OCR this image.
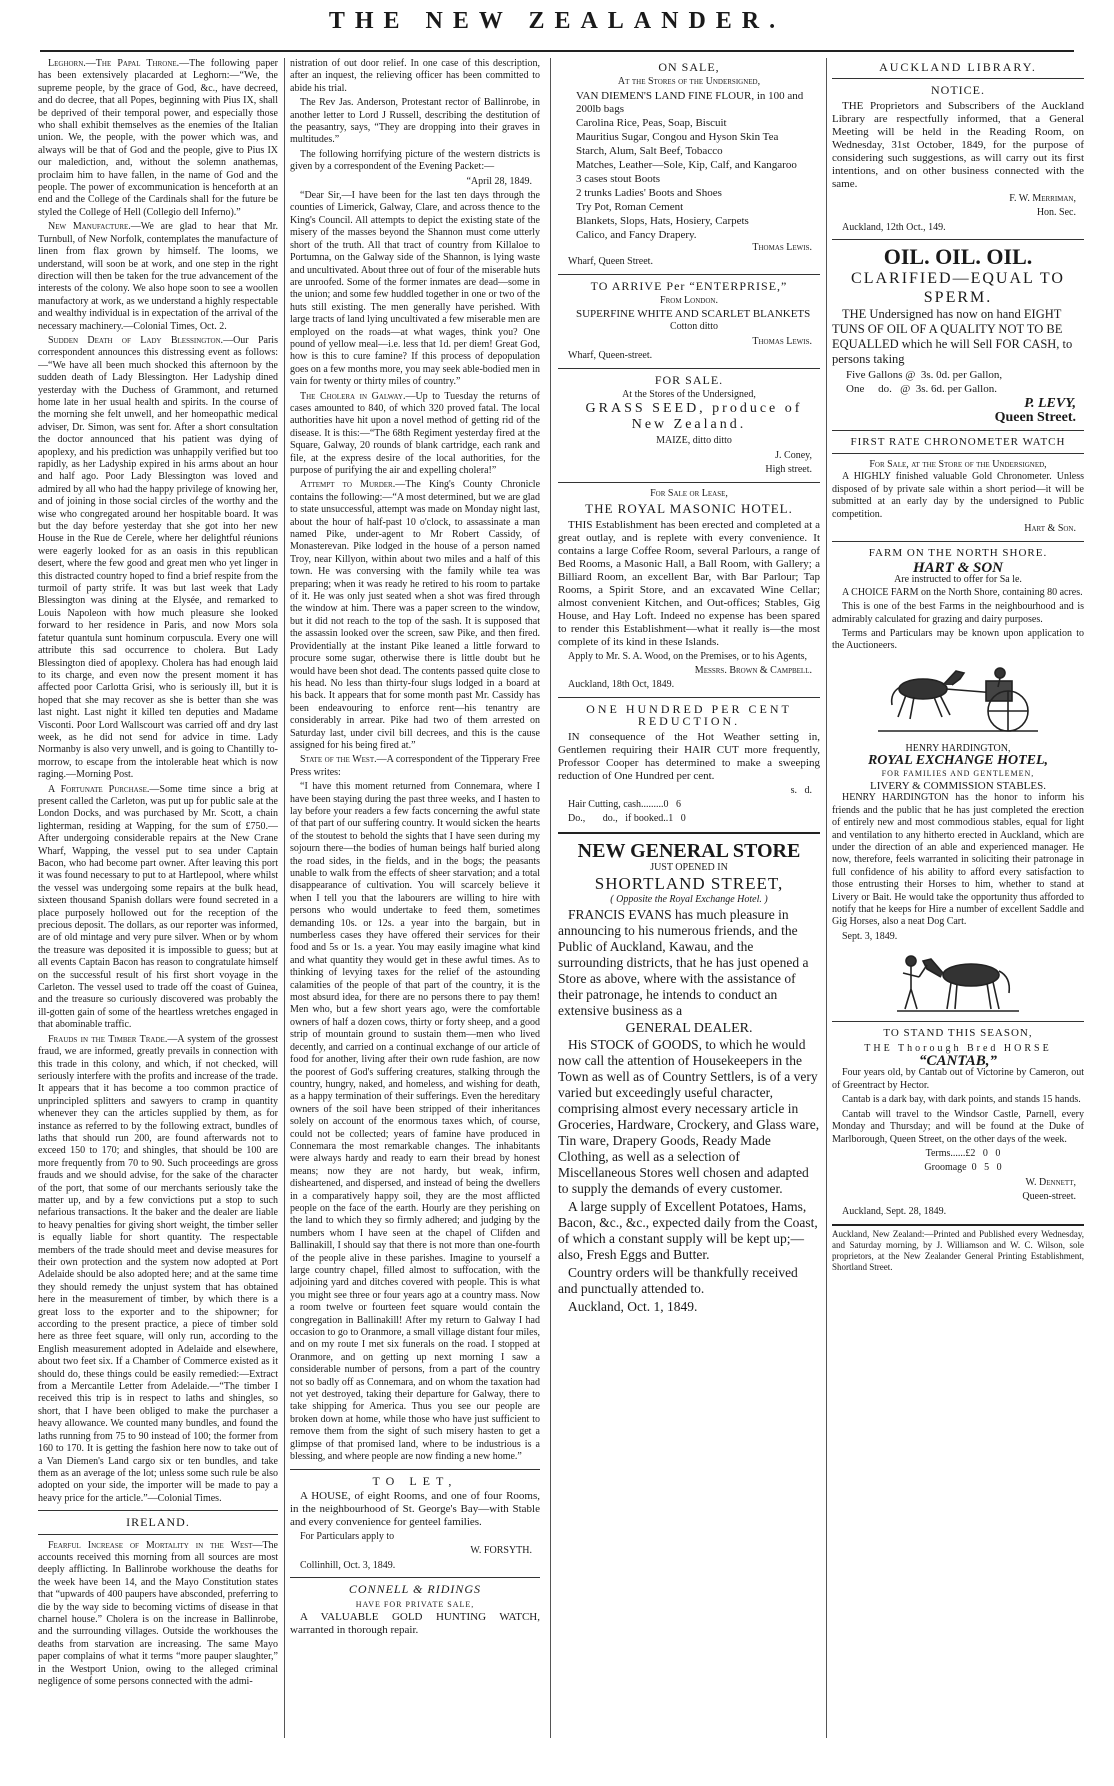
THE NEW ZEALANDER.

Leghorn.—The Papal Throne.—The following paper has been extensively placarded at Leghorn:—“We, the supreme people, by the grace of God, &c., have decreed, and do decree, that all Popes, beginning with Pius IX, shall be deprived of their temporal power, and especially those who shall exhibit themselves as the enemies of the Italian union. We, the people, with the power which was, and always will be that of God and the people, give to Pius IX our malediction, and, without the solemn anathemas, proclaim him to have fallen, in the name of God and the people. The power of excommunication is henceforth at an end and the College of the Cardinals shall for the future be styled the College of Hell (Collegio dell Inferno).”

New Manufacture.—We are glad to hear that Mr. Turnbull, of New Norfolk, contemplates the manufacture of linen from flax grown by himself. The looms, we understand, will soon be at work, and one step in the right direction will then be taken for the true advancement of the interests of the colony. We also hope soon to see a woollen manufactory at work, as we understand a highly respectable and wealthy individual is in expectation of the arrival of the necessary machinery.—Colonial Times, Oct. 2.

Sudden Death of Lady Blessington.—Our Paris correspondent announces this distressing event as follows:—“We have all been much shocked this afternoon by the sudden death of Lady Blessington. Her Ladyship dined yesterday with the Duchess of Grammont, and returned home late in her usual health and spirits. In the course of the morning she felt unwell, and her homeopathic medical adviser, Dr. Simon, was sent for. After a short consultation the doctor announced that his patient was dying of apoplexy, and his prediction was unhappily verified but too rapidly, as her Ladyship expired in his arms about an hour and half ago. Poor Lady Blessington was loved and admired by all who had the happy privilege of knowing her, and of joining in those social circles of the worthy and the wise who congregated around her hospitable board. It was but the day before yesterday that she got into her new House in the Rue de Cerele, where her delightful réunions were eagerly looked for as an oasis in this republican desert, where the few good and great men who yet linger in this distracted country hoped to find a brief respite from the turmoil of party strife. It was but last week that Lady Blessington was dining at the Elysée, and remarked to Louis Napoleon with how much pleasure she looked forward to her residence in Paris, and now Mors sola fatetur quantula sunt hominum corpuscula. Every one will attribute this sad occurrence to cholera. But Lady Blessington died of apoplexy. Cholera has had enough laid to its charge, and even now the present moment it has affected poor Carlotta Grisi, who is seriously ill, but it is hoped that she may recover as she is better than she was last night. Last night it killed ten deputies and Madame Visconti. Poor Lord Wallscourt was carried off and dry last week, as he did not send for advice in time. Lady Normanby is also very unwell, and is going to Chantilly to-morrow, to escape from the intolerable heat which is now raging.—Morning Post.

A Fortunate Purchase.—Some time since a brig at present called the Carleton, was put up for public sale at the London Docks, and was purchased by Mr. Scott, a chain lighterman, residing at Wapping, for the sum of £750.—After undergoing considerable repairs at the New Crane Wharf, Wapping, the vessel put to sea under Captain Bacon, who had become part owner. After leaving this port it was found necessary to put to at Hartlepool, where whilst the vessel was undergoing some repairs at the bulk head, sixteen thousand Spanish dollars were found secreted in a place purposely hollowed out for the reception of the precious deposit. The dollars, as our reporter was informed, are of old mintage and very pure silver. When or by whom the treasure was deposited it is impossible to guess; but at all events Captain Bacon has reason to congratulate himself on the successful result of his first short voyage in the Carleton. The vessel used to trade off the coast of Guinea, and the treasure so curiously discovered was probably the ill-gotten gain of some of the heartless wretches engaged in that abominable traffic.

Frauds in the Timber Trade.—A system of the grossest fraud, we are informed, greatly prevails in connection with this trade in this colony, and which, if not checked, will seriously interfere with the profits and increase of the trade. It appears that it has become a too common practice of unprincipled splitters and sawyers to cramp in quantity whenever they can the articles supplied by them, as for instance as referred to by the following extract, bundles of laths that should run 200, are found afterwards not to exceed 150 to 170; and shingles, that should be 100 are more frequently from 70 to 90. Such proceedings are gross frauds and we should advise, for the sake of the character of the port, that some of our merchants seriously take the matter up, and by a few convictions put a stop to such nefarious transactions. It the baker and the dealer are liable to heavy penalties for giving short weight, the timber seller is equally liable for short quantity. The respectable members of the trade should meet and devise measures for their own protection and the system now adopted at Port Adelaide should be also adopted here; and at the same time they should remedy the unjust system that has obtained here in the measurement of timber, by which there is a great loss to the exporter and to the shipowner; for according to the present practice, a piece of timber sold here as three feet square, will only run, according to the English measurement adopted in Adelaide and elsewhere, about two feet six. If a Chamber of Commerce existed as it should do, these things could be easily remedied:—Extract from a Mercantile Letter from Adelaide.—“The timber I received this trip is in respect to laths and shingles, so short, that I have been obliged to make the purchaser a heavy allowance. We counted many bundles, and found the laths running from 75 to 90 instead of 100; the former from 160 to 170. It is getting the fashion here now to take out of a Van Diemen's Land cargo six or ten bundles, and take them as an average of the lot; unless some such rule be also adopted on your side, the importer will be made to pay a heavy price for the article.”—Colonial Times.

IRELAND.

Fearful Increase of Mortality in the West—The accounts received this morning from all sources are most deeply afflicting. In Ballinrobe workhouse the deaths for the week have been 14, and the Mayo Constitution states that “upwards of 400 paupers have absconded, preferring to die by the way side to becoming victims of disease in that charnel house.” Cholera is on the increase in Ballinrobe, and the surrounding villages. Outside the workhouses the deaths from starvation are increasing. The same Mayo paper complains of what it terms “more pauper slaughter,” in the Westport Union, owing to the alleged criminal negligence of some persons connected with the admi-

nistration of out door relief. In one case of this description, after an inquest, the relieving officer has been committed to abide his trial.

The Rev Jas. Anderson, Protestant rector of Ballinrobe, in another letter to Lord J Russell, describing the destitution of the peasantry, says, “They are dropping into their graves in multitudes.”

The following horrifying picture of the western districts is given by a correspondent of the Evening Packet:—

“April 28, 1849.

“Dear Sir,—I have been for the last ten days through the counties of Limerick, Galway, Clare, and across thence to the King's Council. All attempts to depict the existing state of the misery of the masses beyond the Shannon must come utterly short of the truth. All that tract of country from Killaloe to Portumna, on the Galway side of the Shannon, is lying waste and uncultivated. About three out of four of the miserable huts are unroofed. Some of the former inmates are dead—some in the union; and some few huddled together in one or two of the huts still existing. The men generally have perished. With large tracts of land lying uncultivated a few miserable men are employed on the roads—at what wages, think you? One pound of yellow meal—i.e. less that 1d. per diem! Great God, how is this to cure famine? If this process of depopulation goes on a few months more, you may seek able-bodied men in vain for twenty or thirty miles of country.”

The Cholera in Galway.—Up to Tuesday the returns of cases amounted to 840, of which 320 proved fatal. The local authorities have hit upon a novel method of getting rid of the disease. It is this:—“The 68th Regiment yesterday fired at the Square, Galway, 20 rounds of blank cartridge, each rank and file, at the express desire of the local authorities, for the purpose of purifying the air and expelling cholera!”

Attempt to Murder.—The King's County Chronicle contains the following:—“A most determined, but we are glad to state unsuccessful, attempt was made on Monday night last, about the hour of half-past 10 o'clock, to assassinate a man named Pike, under-agent to Mr Robert Cassidy, of Monasterevan. Pike lodged in the house of a person named Troy, near Killyon, within about two miles and a half of this town. He was conversing with the family while tea was preparing; when it was ready he retired to his room to partake of it. He was only just seated when a shot was fired through the window at him. There was a paper screen to the window, but it did not reach to the top of the sash. It is supposed that the assassin looked over the screen, saw Pike, and then fired. Providentially at the instant Pike leaned a little forward to procure some sugar, otherwise there is little doubt but he would have been shot dead. The contents passed quite close to his head. No less than thirty-four slugs lodged in a board at his back. It appears that for some month past Mr. Cassidy has been endeavouring to enforce rent—his tenantry are considerably in arrear. Pike had two of them arrested on Saturday last, under civil bill decrees, and this is the cause assigned for his being fired at.”

State of the West.—A correspondent of the Tipperary Free Press writes:

“I have this moment returned from Connemara, where I have been staying during the past three weeks, and I hasten to lay before your readers a few facts concerning the awful state of that part of our suffering country. It would sicken the hearts of the stoutest to behold the sights that I have seen during my sojourn there—the bodies of human beings half buried along the road sides, in the fields, and in the bogs; the peasants unable to walk from the effects of sheer starvation; and a total disappearance of cultivation. You will scarcely believe it when I tell you that the labourers are willing to hire with persons who would undertake to feed them, sometimes demanding 10s. or 12s. a year into the bargain, but in numberless cases they have offered their services for their food and 5s or 1s. a year. You may easily imagine what kind and what quantity they would get in these awful times. As to thinking of levying taxes for the relief of the astounding calamities of the people of that part of the country, it is the most absurd idea, for there are no persons there to pay them! Men who, but a few short years ago, were the comfortable owners of half a dozen cows, thirty or forty sheep, and a good strip of mountain ground to sustain them—men who lived decently, and carried on a continual exchange of our article of food for another, living after their own rude fashion, are now the poorest of God's suffering creatures, stalking through the country, hungry, naked, and homeless, and wishing for death, as a happy termination of their sufferings. Even the hereditary owners of the soil have been stripped of their inheritances solely on account of the enormous taxes which, of course, could not be collected; years of famine have produced in Connemara the most remarkable changes. The inhabitants were always hardy and ready to earn their bread by honest means; now they are not hardy, but weak, infirm, disheartened, and dispersed, and instead of being the dwellers in a comparatively happy soil, they are the most afflicted people on the face of the earth. Hourly are they perishing on the land to which they so firmly adhered; and judging by the numbers whom I have seen at the chapel of Clifden and Ballinakill, I should say that there is not more than one-fourth of the people alive in these parishes. Imagine to yourself a large country chapel, filled almost to suffocation, with the adjoining yard and ditches covered with people. This is what you might see three or four years ago at a country mass. Now a room twelve or fourteen feet square would contain the congregation in Ballinakill! After my return to Galway I had occasion to go to Oranmore, a small village distant four miles, and on my route I met six funerals on the road. I stopped at Oranmore, and on getting up next morning I saw a considerable number of persons, from a part of the country not so badly off as Connemara, and on whom the taxation had not yet destroyed, taking their departure for Galway, there to take shipping for America. Thus you see our people are broken down at home, while those who have just sufficient to remove them from the sight of such misery hasten to get a glimpse of that promised land, where to be industrious is a blessing, and where people are now finding a new home.”

TO LET,

A HOUSE, of eight Rooms, and one of four Rooms, in the neighbourhood of St. George's Bay—with Stable and every convenience for genteel families.

For Particulars apply to

W. FORSYTH.

Collinhill, Oct. 3, 1849.

CONNELL & RIDINGS
HAVE FOR PRIVATE SALE,

A VALUABLE GOLD HUNTING WATCH, warranted in thorough repair.

ON SALE,
At the Stores of the Undersigned,

VAN DIEMEN'S LAND FINE FLOUR, in 100 and 200lb bags

Carolina Rice, Peas, Soap, Biscuit

Mauritius Sugar, Congou and Hyson Skin Tea

Starch, Alum, Salt Beef, Tobacco

Matches, Leather—Sole, Kip, Calf, and Kangaroo

3 cases stout Boots

2 trunks Ladies' Boots and Shoes

Try Pot, Roman Cement

Blankets, Slops, Hats, Hosiery, Carpets

Calico, and Fancy Drapery.

Thomas Lewis.

Wharf, Queen Street.

TO ARRIVE Per “ENTERPRISE,”
From London.

SUPERFINE WHITE AND SCARLET BLANKETS

Cotton ditto

Thomas Lewis.

Wharf, Queen-street.

FOR SALE.
At the Stores of the Undersigned,

GRASS SEED, produce of New Zealand.

MAIZE, ditto ditto

J. Coney,

High street.

For Sale or Lease,
THE ROYAL MASONIC HOTEL.

THIS Establishment has been erected and completed at a great outlay, and is replete with every convenience. It contains a large Coffee Room, several Parlours, a range of Bed Rooms, a Masonic Hall, a Ball Room, with Gallery; a Billiard Room, an excellent Bar, with Bar Parlour; Tap Rooms, a Spirit Store, and an excavated Wine Cellar; almost convenient Kitchen, and Out-offices; Stables, Gig House, and Hay Loft. Indeed no expense has been spared to render this Establishment—what it really is—the most complete of its kind in these Islands.

Apply to Mr. S. A. Wood, on the Premises, or to his Agents,

Messrs. Brown & Campbell.

Auckland, 18th Oct, 1849.

ONE HUNDRED PER CENT REDUCTION.

IN consequence of the Hot Weather setting in, Gentlemen requiring their HAIR CUT more frequently, Professor Cooper has determined to make a sweeping reduction of One Hundred per cent.

s.   d.

Hair Cutting, cash.........0   6

Do.,       do.,   if booked..1   0

NEW GENERAL STORE
JUST OPENED IN
SHORTLAND STREET,
( Opposite the Royal Exchange Hotel. )

FRANCIS EVANS has much pleasure in announcing to his numerous friends, and the Public of Auckland, Kawau, and the surrounding districts, that he has just opened a Store as above, where with the assistance of their patronage, he intends to conduct an extensive business as a

GENERAL DEALER.

His STOCK of GOODS, to which he would now call the attention of Housekeepers in the Town as well as of Country Settlers, is of a very varied but exceedingly useful character, comprising almost every necessary article in Groceries, Hardware, Crockery, and Glass ware, Tin ware, Drapery Goods, Ready Made Clothing, as well as a selection of Miscellaneous Stores well chosen and adapted to supply the demands of every customer.

A large supply of Excellent Potatoes, Hams, Bacon, &c., &c., expected daily from the Coast, of which a constant supply will be kept up;—also, Fresh Eggs and Butter.

Country orders will be thankfully received and punctually attended to.

Auckland, Oct. 1, 1849.

AUCKLAND LIBRARY.
NOTICE.

THE Proprietors and Subscribers of the Auckland Library are respectfully informed, that a General Meeting will be held in the Reading Room, on Wednesday, 31st October, 1849, for the purpose of considering such suggestions, as will carry out its first intentions, and on other business connected with the same.

F. W. Merriman,

Hon. Sec.

Auckland, 12th Oct., 149.

OIL. OIL. OIL.
CLARIFIED—EQUAL TO SPERM.

THE Undersigned has now on hand EIGHT TUNS OF OIL OF A QUALITY NOT TO BE EQUALLED which he will Sell FOR CASH, to persons taking

Five Gallons @  3s. 0d. per Gallon,

One     do.   @  3s. 6d. per Gallon.

P. LEVY,

Queen Street.

FIRST RATE CHRONOMETER WATCH
For Sale, at the Store of the Undersigned,

A HIGHLY finished valuable Gold Chronometer. Unless disposed of by private sale within a short period—it will be submitted at an early day by the undersigned to Public competition.

Hart & Son.

FARM ON THE NORTH SHORE.
HART & SON
Are instructed to offer for Sa le.

A CHOICE FARM on the North Shore, containing 80 acres.

This is one of the best Farms in the neighbourhood and is admirably calculated for grazing and dairy purposes.

Terms and Particulars may be known upon application to the Auctioneers.

HENRY HARDINGTON,
ROYAL EXCHANGE HOTEL,
FOR FAMILIES AND GENTLEMEN,
LIVERY & COMMISSION STABLES.

HENRY HARDINGTON has the honor to inform his friends and the public that he has just completed the erection of entirely new and most commodious stables, equal for light and ventilation to any hitherto erected in Auckland, which are under the direction of an able and experienced manager. He now, therefore, feels warranted in soliciting their patronage in full confidence of his ability to afford every satisfaction to those entrusting their Horses to him, whether to stand at Livery or Bait. He would take the opportunity thus afforded to notify that he keeps for Hire a number of excellent Saddle and Gig Horses, also a neat Dog Cart.

Sept. 3, 1849.

TO STAND THIS SEASON,
THE Thorough Bred HORSE
“CANTAB,”

Four years old, by Cantab out of Victorine by Cameron, out of Greentract by Hector.

Cantab is a dark bay, with dark points, and stands 15 hands.

Cantab will travel to the Windsor Castle, Parnell, every Monday and Thursday; and will be found at the Duke of Marlborough, Queen Street, on the other days of the week.

Terms......£2   0   0

Groomage  0   5   0

W. Dennett,

Queen-street.

Auckland, Sept. 28, 1849.

Auckland, New Zealand:—Printed and Published every Wednesday, and Saturday morning, by J. Williamson and W. C. Wilson, sole proprietors, at the New Zealander General Printing Establishment, Shortland Street.
